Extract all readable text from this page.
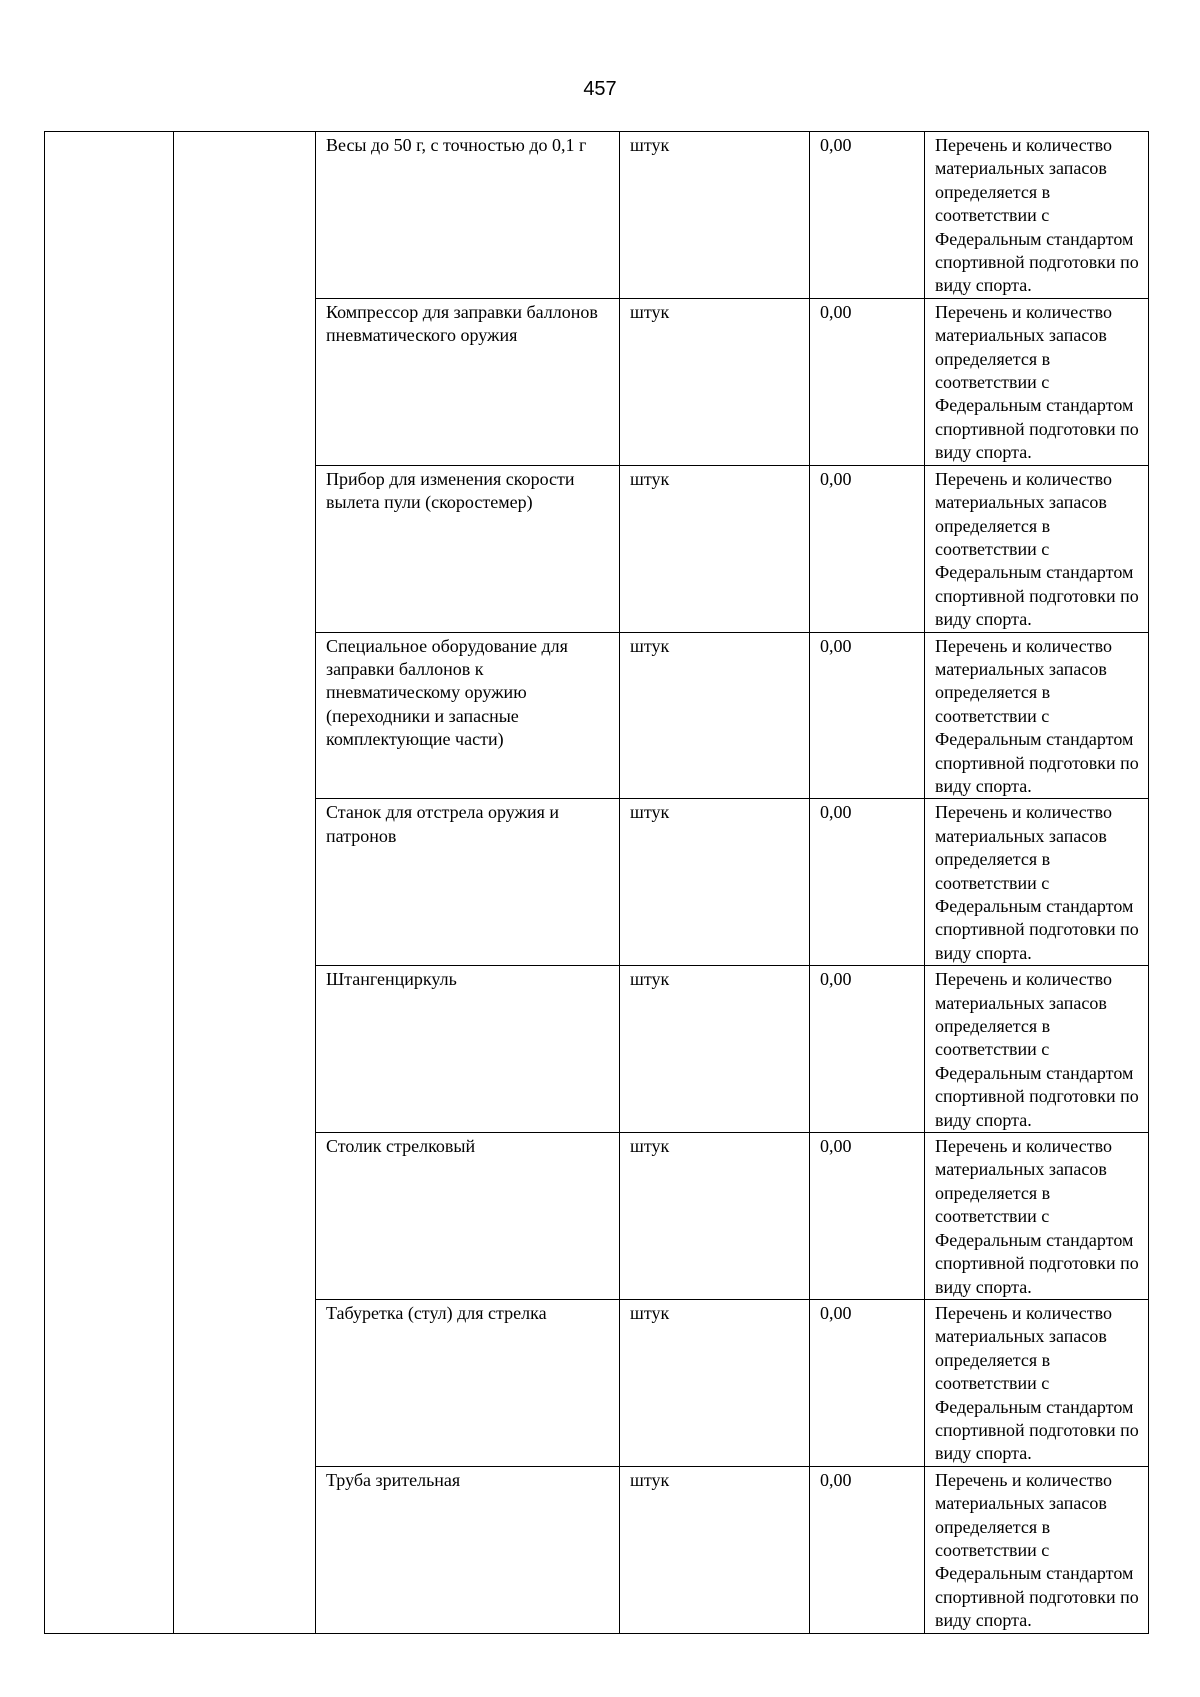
457
		Весы до 50 г, с точностью до 0,1 г	штук	0,00	Перечень и количество материальных запасов определяется в соответствии с Федеральным стандартом спортивной подготовки по виду спорта.
		Компрессор для заправки баллонов пневматического оружия	штук	0,00	Перечень и количество материальных запасов определяется в соответствии с Федеральным стандартом спортивной подготовки по виду спорта.
		Прибор для изменения скорости вылета пули (скоростемер)	штук	0,00	Перечень и количество материальных запасов определяется в соответствии с Федеральным стандартом спортивной подготовки по виду спорта.
		Специальное оборудование для заправки баллонов к пневматическому оружию (переходники и запасные комплектующие части)	штук	0,00	Перечень и количество материальных запасов определяется в соответствии с Федеральным стандартом спортивной подготовки по виду спорта.
		Станок для отстрела оружия и патронов	штук	0,00	Перечень и количество материальных запасов определяется в соответствии с Федеральным стандартом спортивной подготовки по виду спорта.
		Штангенциркуль	штук	0,00	Перечень и количество материальных запасов определяется в соответствии с Федеральным стандартом спортивной подготовки по виду спорта.
		Столик стрелковый	штук	0,00	Перечень и количество материальных запасов определяется в соответствии с Федеральным стандартом спортивной подготовки по виду спорта.
		Табуретка (стул) для стрелка	штук	0,00	Перечень и количество материальных запасов определяется в соответствии с Федеральным стандартом спортивной подготовки по виду спорта.
		Труба зрительная	штук	0,00	Перечень и количество материальных запасов определяется в соответствии с Федеральным стандартом спортивной подготовки по виду спорта.
